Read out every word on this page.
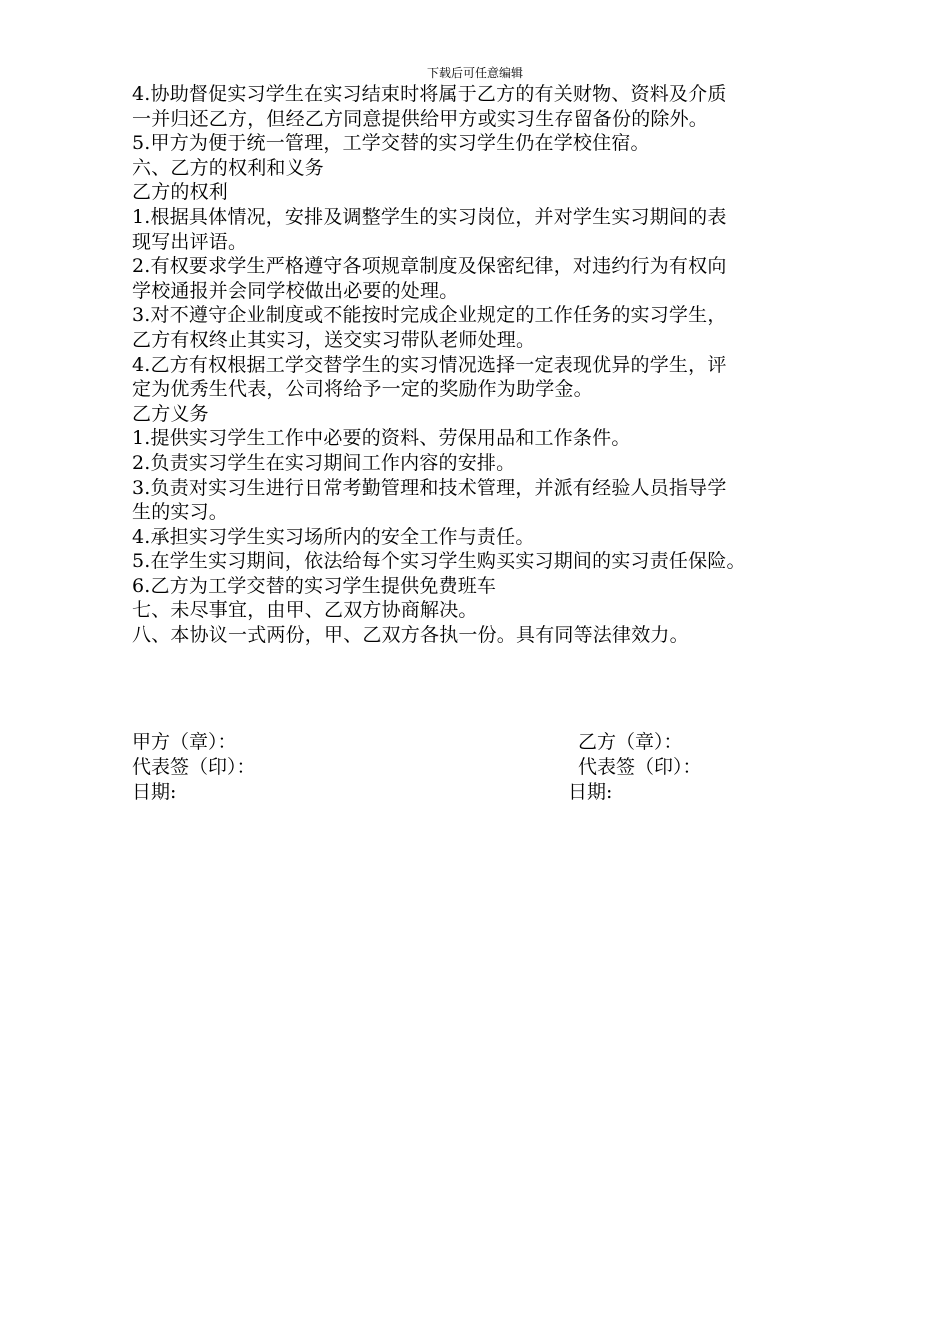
下载后可任意编辑

4.协助督促实习学生在实习结束时将属于乙方的有关财物、资料及介质

一并归还乙方，但经乙方同意提供给甲方或实习生存留备份的除外。

5.甲方为便于统一管理，工学交替的实习学生仍在学校住宿。

六、乙方的权利和义务

乙方的权利

1.根据具体情况，安排及调整学生的实习岗位，并对学生实习期间的表

现写出评语。

2.有权要求学生严格遵守各项规章制度及保密纪律，对违约行为有权向

学校通报并会同学校做出必要的处理。

3.对不遵守企业制度或不能按时完成企业规定的工作任务的实习学生，

乙方有权终止其实习，送交实习带队老师处理。

4.乙方有权根据工学交替学生的实习情况选择一定表现优异的学生，评

定为优秀生代表，公司将给予一定的奖励作为助学金。

乙方义务

1.提供实习学生工作中必要的资料、劳保用品和工作条件。

2.负责实习学生在实习期间工作内容的安排。

3.负责对实习生进行日常考勤管理和技术管理，并派有经验人员指导学

生的实习。

4.承担实习学生实习场所内的安全工作与责任。

5.在学生实习期间，依法给每个实习学生购买实习期间的实习责任保险。

6.乙方为工学交替的实习学生提供免费班车

七、未尽事宜，由甲、乙双方协商解决。

八、本协议一式两份，甲、乙双方各执一份。具有同等法律效力。

甲方（章）：
代表签（印）：
日期:
乙方（章）：
代表签（印）：
日期:
